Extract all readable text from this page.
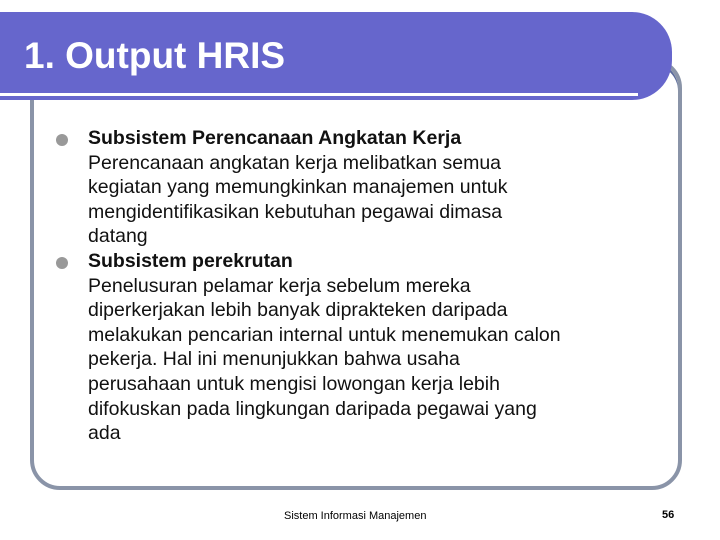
1. Output HRIS
Subsistem Perencanaan Angkatan Kerja
Perencanaan angkatan kerja melibatkan semua
kegiatan yang memungkinkan manajemen untuk
mengidentifikasikan kebutuhan pegawai dimasa
datang
Subsistem perekrutan
Penelusuran pelamar kerja sebelum mereka
diperkerjakan lebih banyak diprakteken daripada
melakukan pencarian internal untuk menemukan calon
pekerja. Hal ini menunjukkan bahwa usaha
perusahaan untuk mengisi lowongan kerja lebih
difokuskan pada lingkungan daripada pegawai yang
ada
Sistem Informasi Manajemen	56
